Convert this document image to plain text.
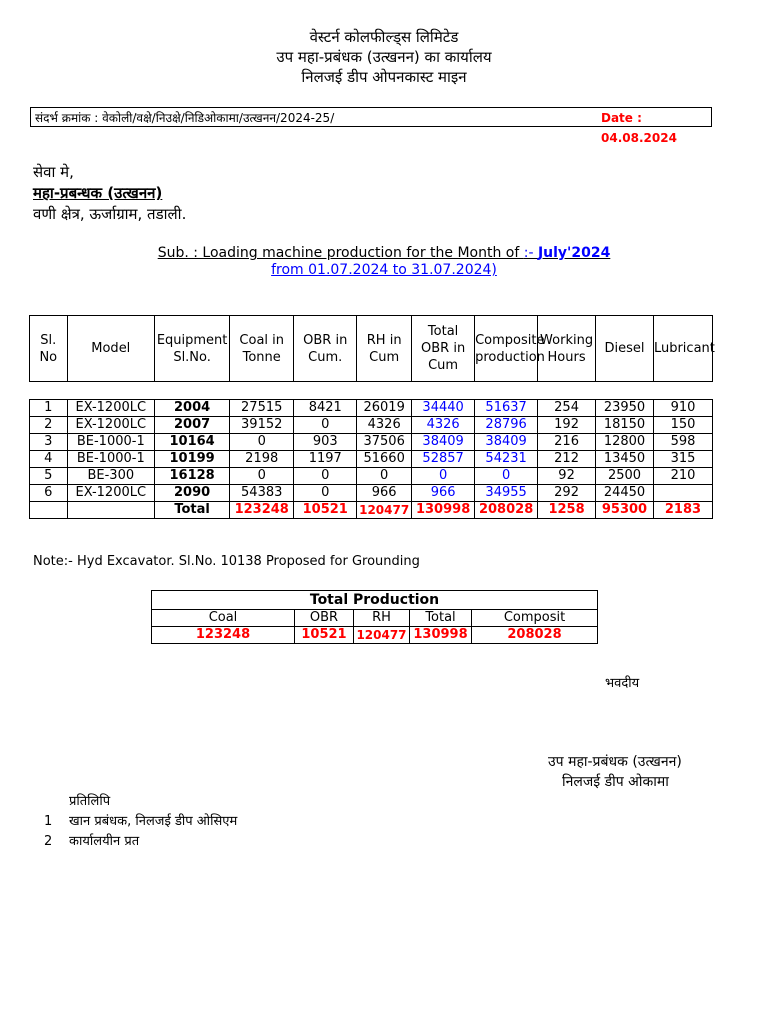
वेस्टर्न कोलफील्ड्स लिमिटेड
उप महा-प्रबंधक (उत्खनन) का कार्यालय
निलजई डीप ओपनकास्ट माइन
संदर्भ क्रमांक : वेकोली/वक्षे/निउक्षे/निडिओकामा/उत्खनन/2024-25/	Date : 04.08.2024
सेवा मे,
महा-प्रबन्धक (उत्खनन)
वणी क्षेत्र, ऊर्जाग्राम, तडाली.
Sub. : Loading machine production for the Month of :- July'2024
from 01.07.2024 to 31.07.2024)
Sl. No	Model	Equipment Sl.No.	Coal in Tonne	OBR in Cum.	RH in Cum	Total OBR in Cum	Composite production	Working Hours	Diesel	Lubricant
1	EX-1200LC	2004	27515	8421	26019	34440	51637	254	23950	910
2	EX-1200LC	2007	39152	0	4326	4326	28796	192	18150	150
3	BE-1000-1	10164	0	903	37506	38409	38409	216	12800	598
4	BE-1000-1	10199	2198	1197	51660	52857	54231	212	13450	315
5	BE-300	16128	0	0	0	0	0	92	2500	210
6	EX-1200LC	2090	54383	0	966	966	34955	292	24450	
		Total	123248	10521	120477	130998	208028	1258	95300	2183
Note:- Hyd Excavator. Sl.No. 10138 Proposed for Grounding
Total Production				
Coal	OBR	RH	Total	Composit
123248	10521	120477	130998	208028
भवदीय
उप महा-प्रबंधक (उत्खनन)
निलजई डीप ओकामा
प्रतिलिपि
1 खान प्रबंधक, निलजई डीप ओसिएम
2 कार्यालयीन प्रत
